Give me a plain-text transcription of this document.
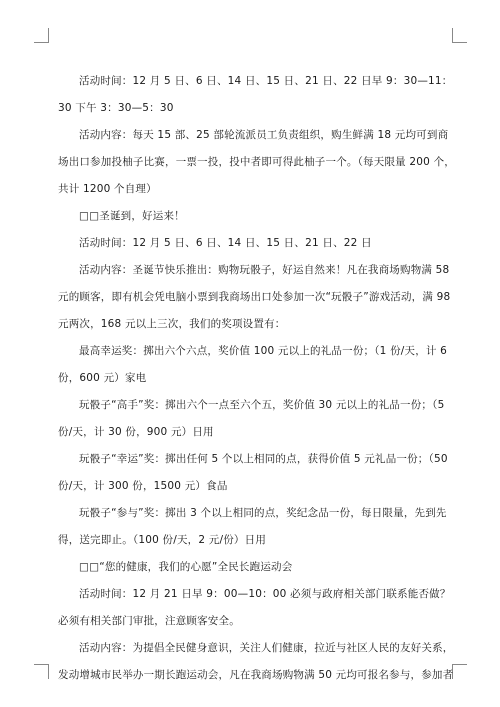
活动时间：12 月 5 日、6 日、14 日、15 日、21 日、22 日早 9：30—11：30 下午 3：30—5：30

活动内容：每天 15 部、25 部轮流派员工负责组织，购生鲜满 18 元均可到商场出口参加投柚子比赛，一票一投，投中者即可得此柚子一个。（每天限量 200 个，共计 1200 个自理）

□□圣诞到，好运来！

活动时间：12 月 5 日、6 日、14 日、15 日、21 日、22 日

活动内容：圣诞节快乐推出：购物玩骰子，好运自然来！凡在我商场购物满 58 元的顾客，即有机会凭电脑小票到我商场出口处参加一次“玩骰子”游戏活动，满 98 元两次，168 元以上三次，我们的奖项设置有：

最高幸运奖：掷出六个六点，奖价值 100 元以上的礼品一份；（1 份/天，计 6 份，600 元）家电

玩骰子“高手”奖：掷出六个一点至六个五，奖价值 30 元以上的礼品一份；（5 份/天，计 30 份，900 元）日用

玩骰子“幸运”奖：掷出任何 5 个以上相同的点，获得价值 5 元礼品一份；（50 份/天，计 300 份，1500 元）食品

玩骰子“参与”奖：掷出 3 个以上相同的点，奖纪念品一份，每日限量，先到先得，送完即止。（100 份/天，2 元/份）日用

□□“您的健康，我们的心愿”全民长跑运动会

活动时间：12 月 21 日早 9：00—10：00 必须与政府相关部门联系能否做？必须有相关部门审批，注意顾客安全。

活动内容：为提倡全民健身意识，关注人们健康，拉近与社区人民的友好关系，发动增城市民举办一期长跑运动会，凡在我商场购物满 50 元均可报名参与，参加者
